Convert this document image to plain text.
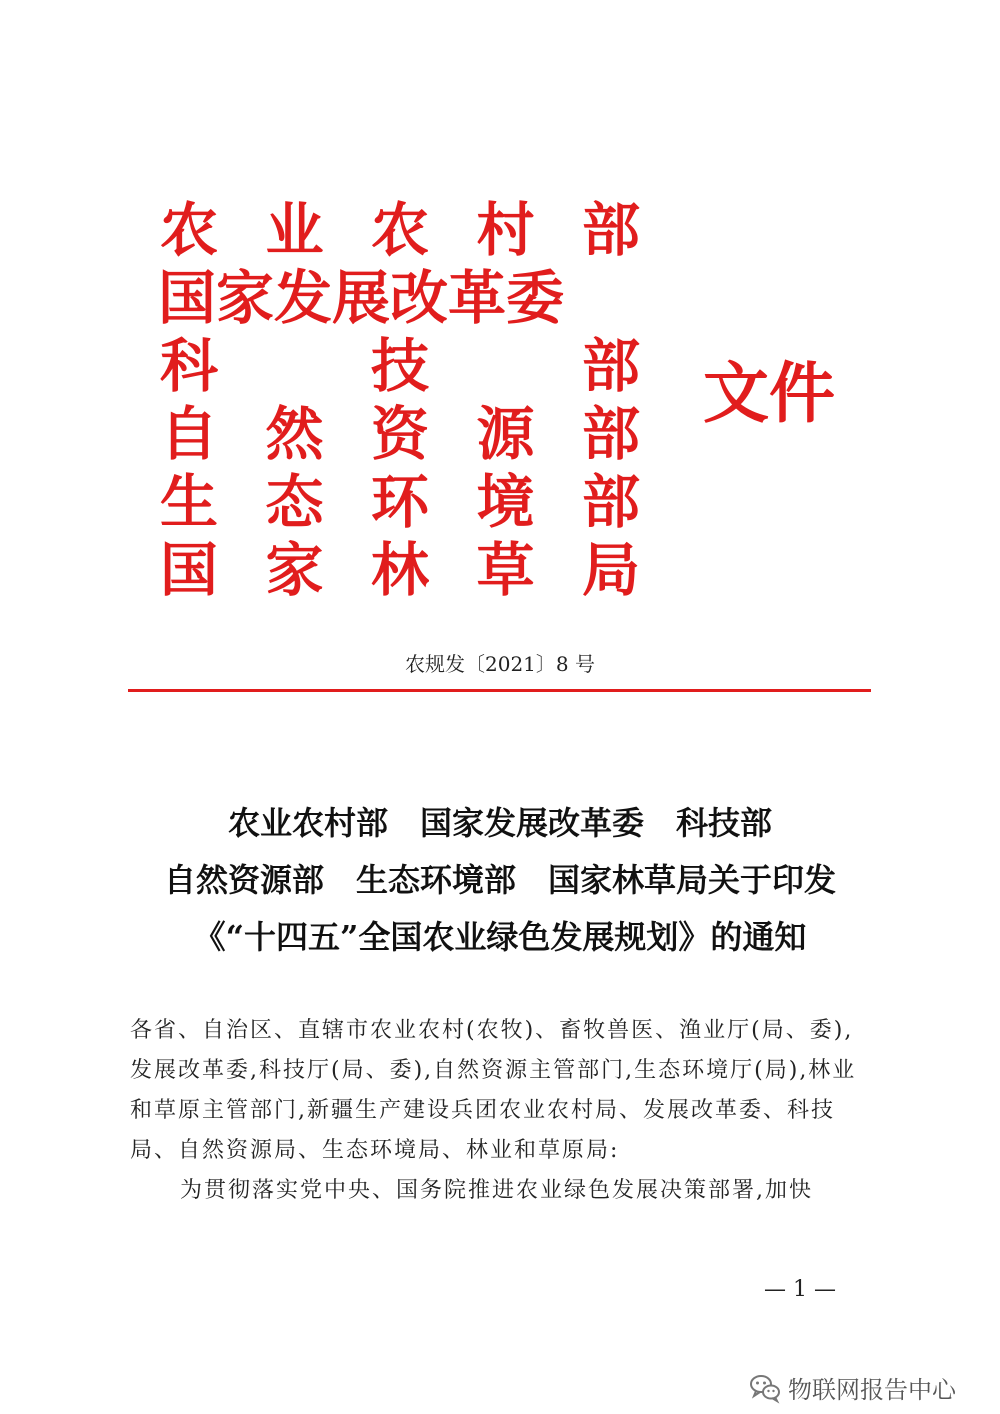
农 业 农 村 部
国家发展改革委
科	技	部
自 然 资 源 部
生 态 环 境 部
国 家 林 草 局
文件
农规发〔2021〕8 号
农业农村部　国家发展改革委　科技部
自然资源部　生态环境部　国家林草局关于印发
《“十四五”全国农业绿色发展规划》的通知

各省、自治区、直辖市农业农村(农牧)、畜牧兽医、渔业厅(局、委),发展改革委,科技厅(局、委),自然资源主管部门,生态环境厅(局),林业和草原主管部门,新疆生产建设兵团农业农村局、发展改革委、科技局、自然资源局、生态环境局、林业和草原局:

为贯彻落实党中央、国务院推进农业绿色发展决策部署,加快

— 1 —
物联网报告中心
